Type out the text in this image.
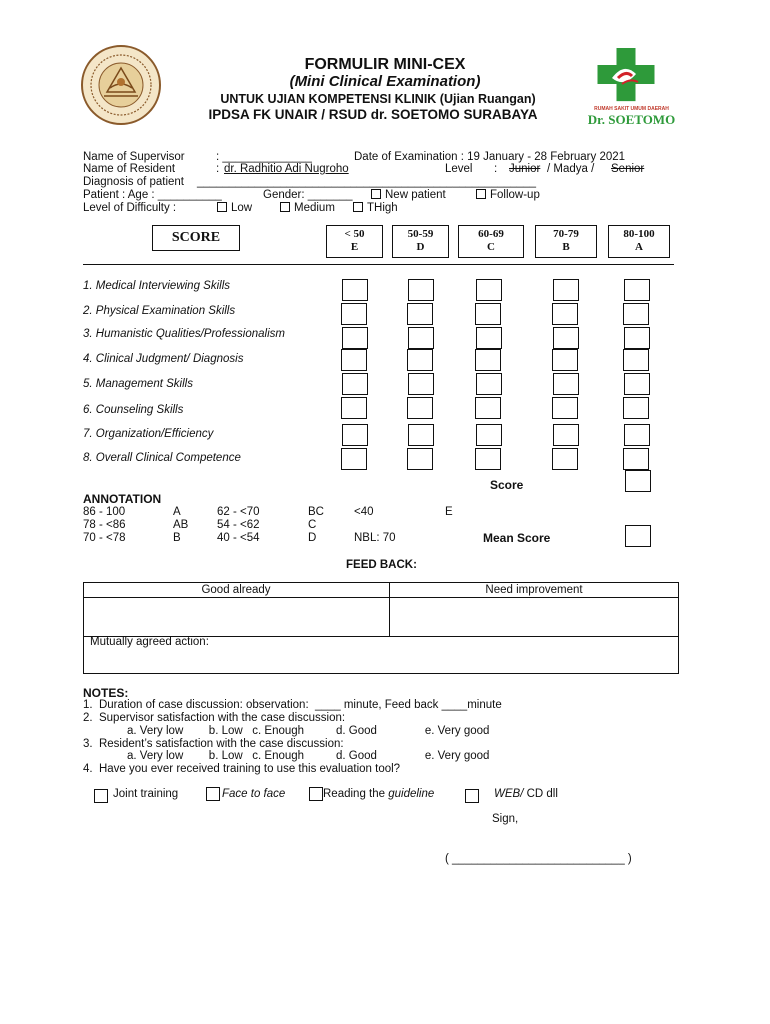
RUMAH SAKIT UMUM DAERAH
Dr. SOETOMO
FORMULIR MINI-CEX
(Mini Clinical Examination)
UNTUK UJIAN KOMPETENSI KLINIK (Ujian Ruangan)
IPDSA FK UNAIR / RSUD dr. SOETOMO SURABAYA
Name of Supervisor	: ______________	Date of Examination : 19 January - 28 February 2021
Name of Resident	: dr. Radhitio Adi Nugroho	Level : Junior / Madya / Senior
Diagnosis of patient _____________________________________________________
Patient : Age : __________	Gender: _______	New patient	Follow-up
Level of Difficulty :	Low	Medium	THigh
SCORE	< 50
E
50-59
D
60-69
C
70-79
B
80-100
A
1. Medical Interviewing Skills
2. Physical Examination Skills
3. Humanistic Qualities/Professionalism
4. Clinical Judgment/ Diagnosis
5. Management Skills
6. Counseling Skills
7. Organization/Efficiency
8. Overall Clinical Competence
Score
ANNOTATION
86 - 100	A	62 - <70	BC	<40	E
78 - <86	AB 54 - <62	C
70 - <78	B	40 - <54	D	NBL: 70	Mean Score
FEED BACK:
Good already	Need improvement
Mutually agreed action:
NOTES:
1.  Duration of case discussion: observation:  ____ minute, Feed back ____minute
2.  Supervisor satisfaction with the case discussion:
a. Very low        b. Low   c. Enough          d. Good               e. Very good
3.  Resident’s satisfaction with the case discussion:
a. Very low        b. Low   c. Enough          d. Good               e. Very good
4.  Have you ever received training to use this evaluation tool?
Joint training	Face to face	Reading the guideline	WEB/ CD dll
Sign,
( ___________________________ )
